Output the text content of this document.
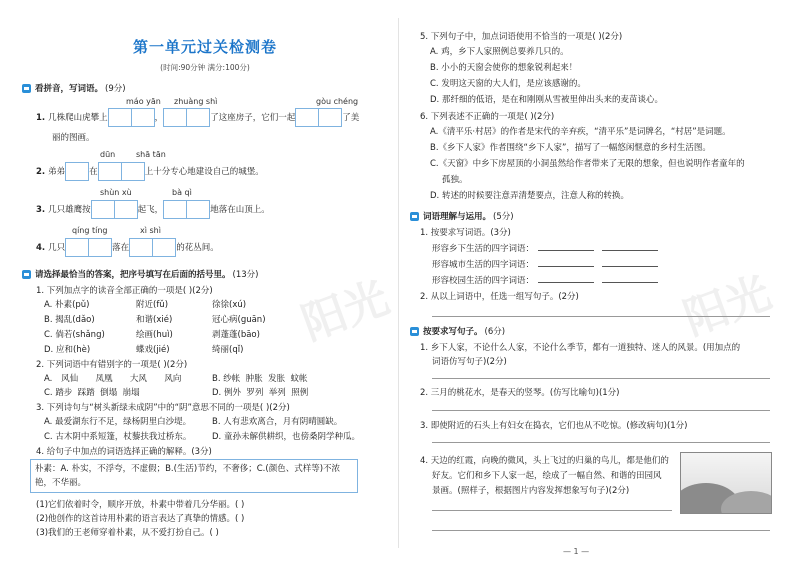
阳光	阳光
第一单元过关检测卷
(时间:90分钟 满分:100分)
看拼音，写词语。 (9分)
máo yān zhuàng shì	gòu chéng
1. 几株爬山虎攀上	，	了这座房子，它们一起	了美
丽的图画。
dūn	shā tān
2. 弟弟	在	上十分专心地建设自己的城堡。
shùn xù	bà qì
3. 几只雄鹰按	起飞，	地落在山顶上。
qíng tíng	xì shì
4. 几只	落在	的花丛间。
请选择最恰当的答案，把序号填写在后面的括号里。 (13分)
1. 下列加点字的读音全部正确的一项是( )(2分)
A. 朴素(pǔ)	附近(fǔ)	徐徐(xú)
B. 揭乱(dǎo)	和谐(xié)	冠心病(guān)
C. 倘若(shǎng)	绘画(huì)	剥蓬蓬(bāo)
D. 应和(hè)	蝶戏(jié)	绮丽(qǐ)
2. 下列词语中有错别字的一项是( )(2分)
A. 风仙 凤凰 大风 风向	B. 纱帐 肿胀 发胀 蚊帐
C. 踏步 踩踏 倒塌 崩塌	D. 例外 罗列 举列 照例
3. 下列诗句与“树头新绿未成阴”中的“阴”意思不同的一项是( )(2分)
A. 最爱湖东行不足，绿杨阴里白沙堤。 B. 人有悲欢离合，月有阴晴圆缺。
C. 古木阴中系短篷，杖藜扶我过桥东。 D. 童孙未解供耕织，也傍桑阴学种瓜。
4. 给句子中加点的词语选择正确的解释。(3分)
朴素：A. 朴实，不浮夸，不虚假；B.(生活)节约，不奢侈；C.(颜色、式样等)不浓艳，不华丽。
(1)它们依着时令，顺序开放，朴素中带着几分华丽。( )
(2)他创作的这首诗用朴素的语言表达了真挚的情感。( )
(3)我们的王老师穿着朴素，从不爱打扮自己。( )
5. 下列句子中，加点词语使用不恰当的一项是( )(2分)
A. 鸡，乡下人家照例总要养几只的。
B. 小小的天窗会使你的想象锐利起来！
C. 发明这天窗的大人们，是应该感谢的。
D. 那纤细的低语，是在和刚刚从雪被里伸出头来的麦苗谈心。
6. 下列表述不正确的一项是( )(2分)
A.《清平乐·村居》的作者是宋代的辛弃疾，“清平乐”是词牌名，“村居”是词题。
B.《乡下人家》作者围绕“乡下人家”，描写了一幅悠闲惬意的乡村生活图。
C.《天窗》中乡下房屋顶的小洞虽然给作者带来了无限的想象，但也说明作者童年的
孤独。
D. 转述的时候要注意弄清楚要点，注意人称的转换。
词语理解与运用。 (5分)
1. 按要求写词语。(3分)
形容乡下生活的四字词语：
形容城市生活的四字词语：
形容校园生活的四字词语：
2. 从以上词语中，任选一组写句子。(2分)
按要求写句子。 (6分)
1. 乡下人家，不论什么人家，不论什么季节，都有一道独特、迷人的风景。(用加点的
词语仿写句子)(2分)
2. 三月的桃花水，是春天的竖琴。(仿写比喻句)(1分)
3. 即使附近的石头上有妇女在捣衣，它们也从不吃惊。(修改病句)(1分)
4. 天边的红霞，向晚的微风，头上飞过的归巢的鸟儿，都是他们的
好友。它们和乡下人家一起，绘成了一幅自然、和谐的田园风
景画。(照样子，根据图片内容发挥想象写句子)(2分)
— 1 —
